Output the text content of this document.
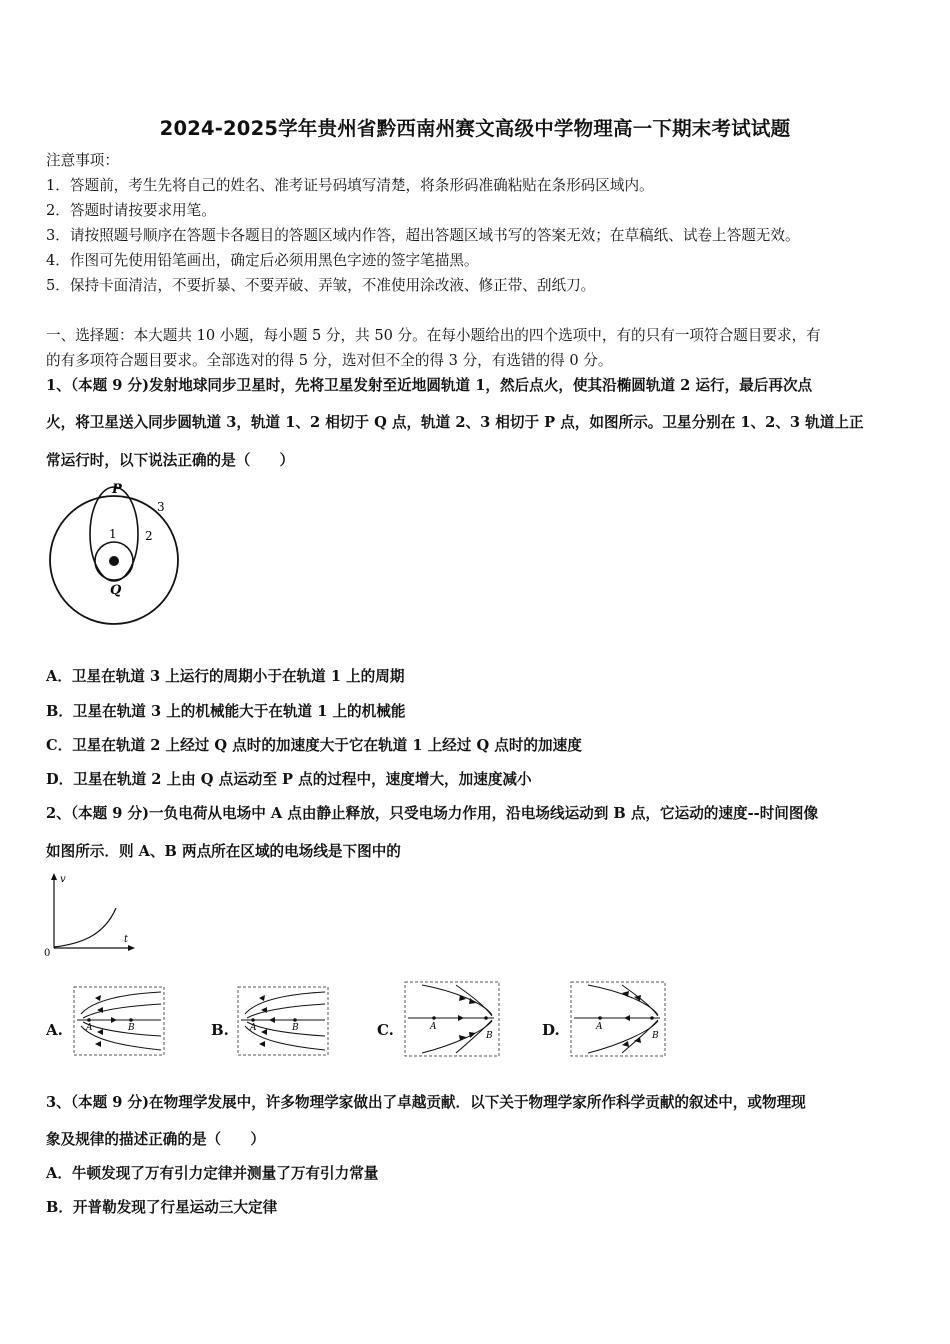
2024-2025学年贵州省黔西南州赛文高级中学物理高一下期末考试试题
注意事项：
1．答题前，考生先将自己的姓名、准考证号码填写清楚，将条形码准确粘贴在条形码区域内。
2．答题时请按要求用笔。
3．请按照题号顺序在答题卡各题目的答题区域内作答，超出答题区域书写的答案无效；在草稿纸、试卷上答题无效。
4．作图可先使用铅笔画出，确定后必须用黑色字迹的签字笔描黑。
5．保持卡面清洁，不要折暴、不要弄破、弄皱，不准使用涂改液、修正带、刮纸刀。
一、选择题：本大题共 10 小题，每小题 5 分，共 50 分。在每小题给出的四个选项中，有的只有一项符合题目要求，有
的有多项符合题目要求。全部选对的得 5 分，选对但不全的得 3 分，有选错的得 0 分。
1、（本题 9 分)发射地球同步卫星时，先将卫星发射至近地圆轨道 1，然后点火，使其沿椭圆轨道 2 运行，最后再次点
火，将卫星送入同步圆轨道 3，轨道 1、2 相切于 Q 点，轨道 2、3 相切于 P 点，如图所示。卫星分别在 1、2、3 轨道上正
常运行时，以下说法正确的是（　　）
P
Q
1 2
3
A．卫星在轨道 3 上运行的周期小于在轨道 1 上的周期
B．卫星在轨道 3 上的机械能大于在轨道 1 上的机械能
C．卫星在轨道 2 上经过 Q 点时的加速度大于它在轨道 1 上经过 Q 点时的加速度
D．卫星在轨道 2 上由 Q 点运动至 P 点的过程中，速度增大，加速度减小
2、（本题 9 分)一负电荷从电场中 A 点由静止释放，只受电场力作用，沿电场线运动到 B 点，它运动的速度--时间图像
如图所示．则 A、B 两点所在区域的电场线是下图中的
v
t
0
A.	A	B	B. A	B	C.	A
B	D.	A
B
3、（本题 9 分)在物理学发展中，许多物理学家做出了卓越贡献．以下关于物理学家所作科学贡献的叙述中，或物理现
象及规律的描述正确的是（　　）
A．牛顿发现了万有引力定律并测量了万有引力常量
B．开普勒发现了行星运动三大定律
